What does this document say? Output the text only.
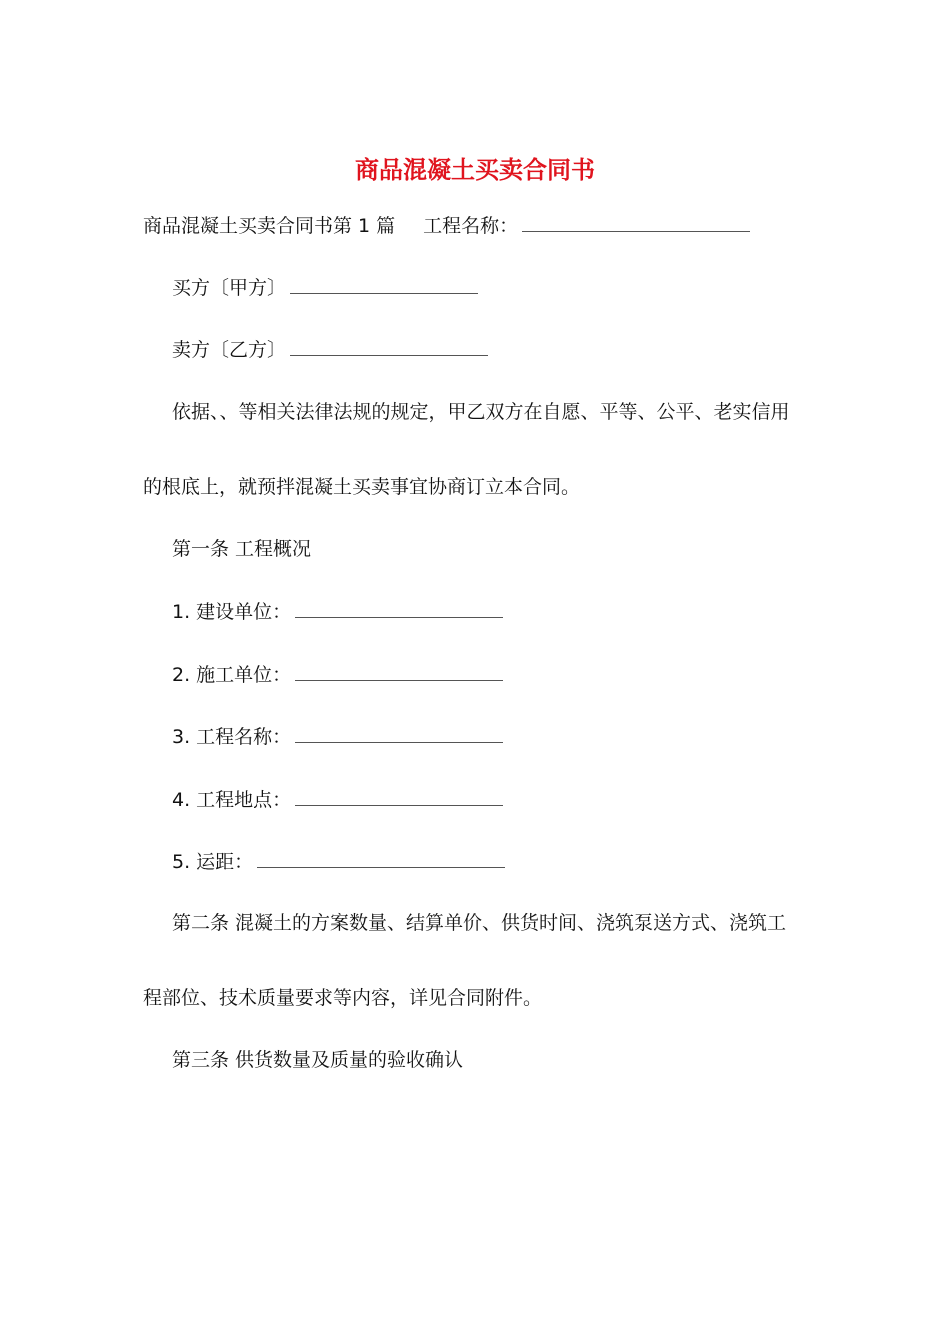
商品混凝土买卖合同书
商品混凝土买卖合同书第 1 篇 工程名称：
买方〔甲方〕
卖方〔乙方〕
依据、、等相关法律法规的规定，甲乙双方在自愿、平等、公平、老实信用
的根底上，就预拌混凝土买卖事宜协商订立本合同。
第一条 工程概况
1. 建设单位：
2. 施工单位：
3. 工程名称：
4. 工程地点：
5. 运距：
第二条 混凝土的方案数量、结算单价、供货时间、浇筑泵送方式、浇筑工
程部位、技术质量要求等内容，详见合同附件。
第三条 供货数量及质量的验收确认
